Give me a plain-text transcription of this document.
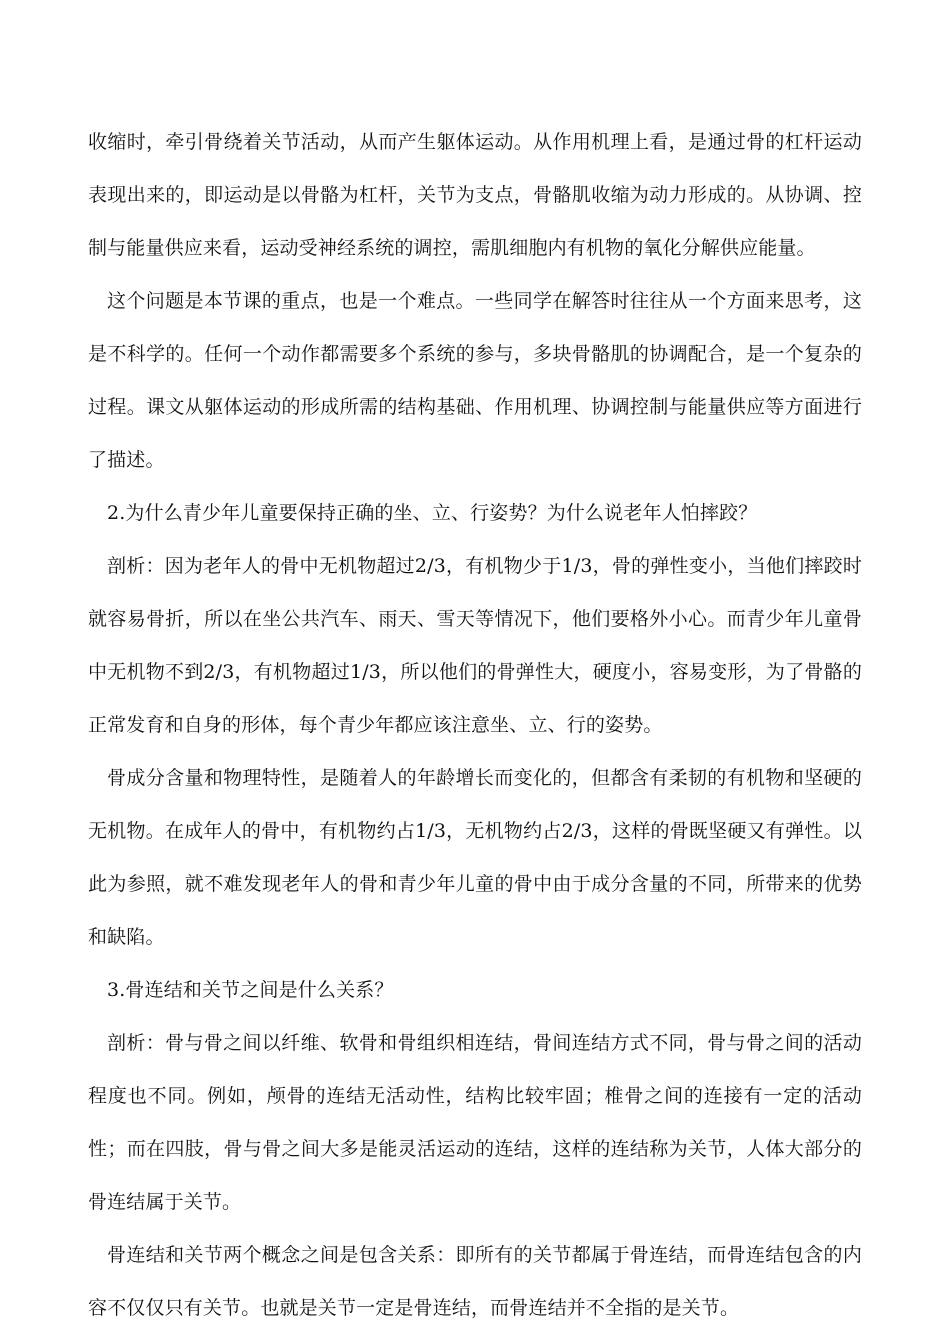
收缩时，牵引骨绕着关节活动，从而产生躯体运动。从作用机理上看，是通过骨的杠杆运动表现出来的，即运动是以骨骼为杠杆，关节为支点，骨骼肌收缩为动力形成的。从协调、控制与能量供应来看，运动受神经系统的调控，需肌细胞内有机物的氧化分解供应能量。

这个问题是本节课的重点，也是一个难点。一些同学在解答时往往从一个方面来思考，这是不科学的。任何一个动作都需要多个系统的参与，多块骨骼肌的协调配合，是一个复杂的过程。课文从躯体运动的形成所需的结构基础、作用机理、协调控制与能量供应等方面进行了描述。

2.为什么青少年儿童要保持正确的坐、立、行姿势？为什么说老年人怕摔跤？

剖析：因为老年人的骨中无机物超过2/3，有机物少于1/3，骨的弹性变小，当他们摔跤时就容易骨折，所以在坐公共汽车、雨天、雪天等情况下，他们要格外小心。而青少年儿童骨中无机物不到2/3，有机物超过1/3，所以他们的骨弹性大，硬度小，容易变形，为了骨骼的正常发育和自身的形体，每个青少年都应该注意坐、立、行的姿势。

骨成分含量和物理特性，是随着人的年龄增长而变化的，但都含有柔韧的有机物和坚硬的无机物。在成年人的骨中，有机物约占1/3，无机物约占2/3，这样的骨既坚硬又有弹性。以此为参照，就不难发现老年人的骨和青少年儿童的骨中由于成分含量的不同，所带来的优势和缺陷。

3.骨连结和关节之间是什么关系？

剖析：骨与骨之间以纤维、软骨和骨组织相连结，骨间连结方式不同，骨与骨之间的活动程度也不同。例如，颅骨的连结无活动性，结构比较牢固；椎骨之间的连接有一定的活动性；而在四肢，骨与骨之间大多是能灵活运动的连结，这样的连结称为关节，人体大部分的骨连结属于关节。

骨连结和关节两个概念之间是包含关系：即所有的关节都属于骨连结，而骨连结包含的内容不仅仅只有关节。也就是关节一定是骨连结，而骨连结并不全指的是关节。
